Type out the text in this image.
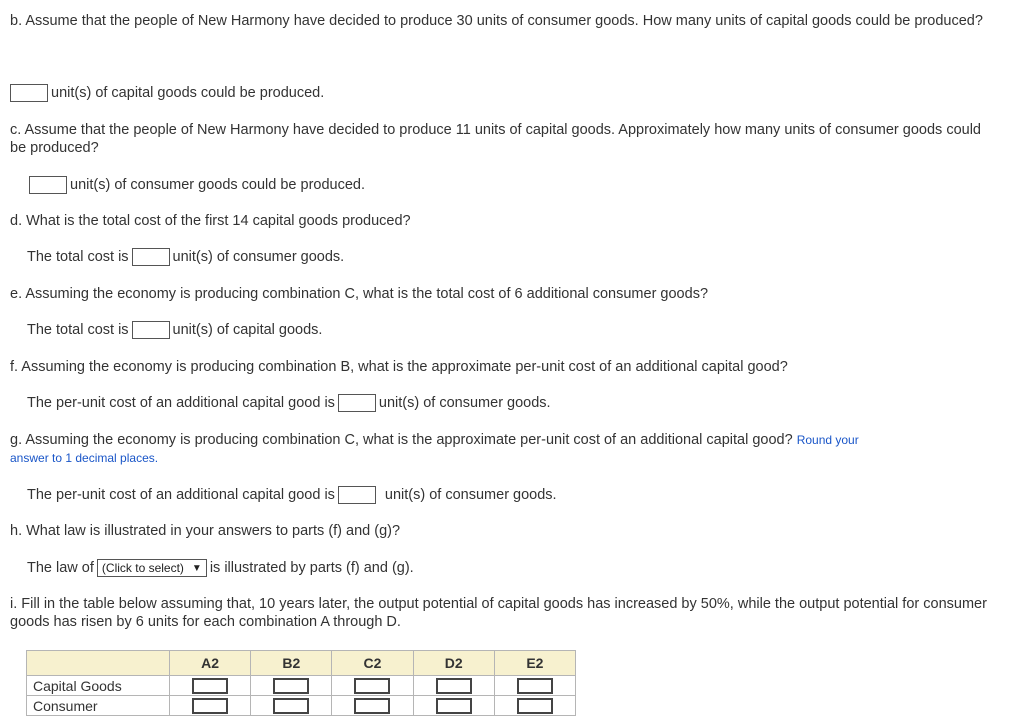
b. Assume that the people of New Harmony have decided to produce 30 units of consumer goods. How many units of capital goods could be produced?
unit(s) of capital goods could be produced.
c. Assume that the people of New Harmony have decided to produce 11 units of capital goods. Approximately how many units of consumer goods could be produced?
unit(s) of consumer goods could be produced.
d. What is the total cost of the first 14 capital goods produced?
The total cost is	unit(s) of consumer goods.
e. Assuming the economy is producing combination C, what is the total cost of 6 additional consumer goods?
The total cost is	unit(s) of capital goods.
f. Assuming the economy is producing combination B, what is the approximate per-unit cost of an additional capital good?
The per-unit cost of an additional capital good is	unit(s) of consumer goods.
g. Assuming the economy is producing combination C, what is the approximate per-unit cost of an additional capital good? Round your
answer to 1 decimal places.
The per-unit cost of an additional capital good is	unit(s) of consumer goods.
h. What law is illustrated in your answers to parts (f) and (g)?
The law of (Click to select) ▼ is illustrated by parts (f) and (g).
i. Fill in the table below assuming that, 10 years later, the output potential of capital goods has increased by 50%, while the output potential for consumer goods has risen by 6 units for each combination A through D.
	A2	B2	C2	D2	E2
Capital Goods					
Consumer					
